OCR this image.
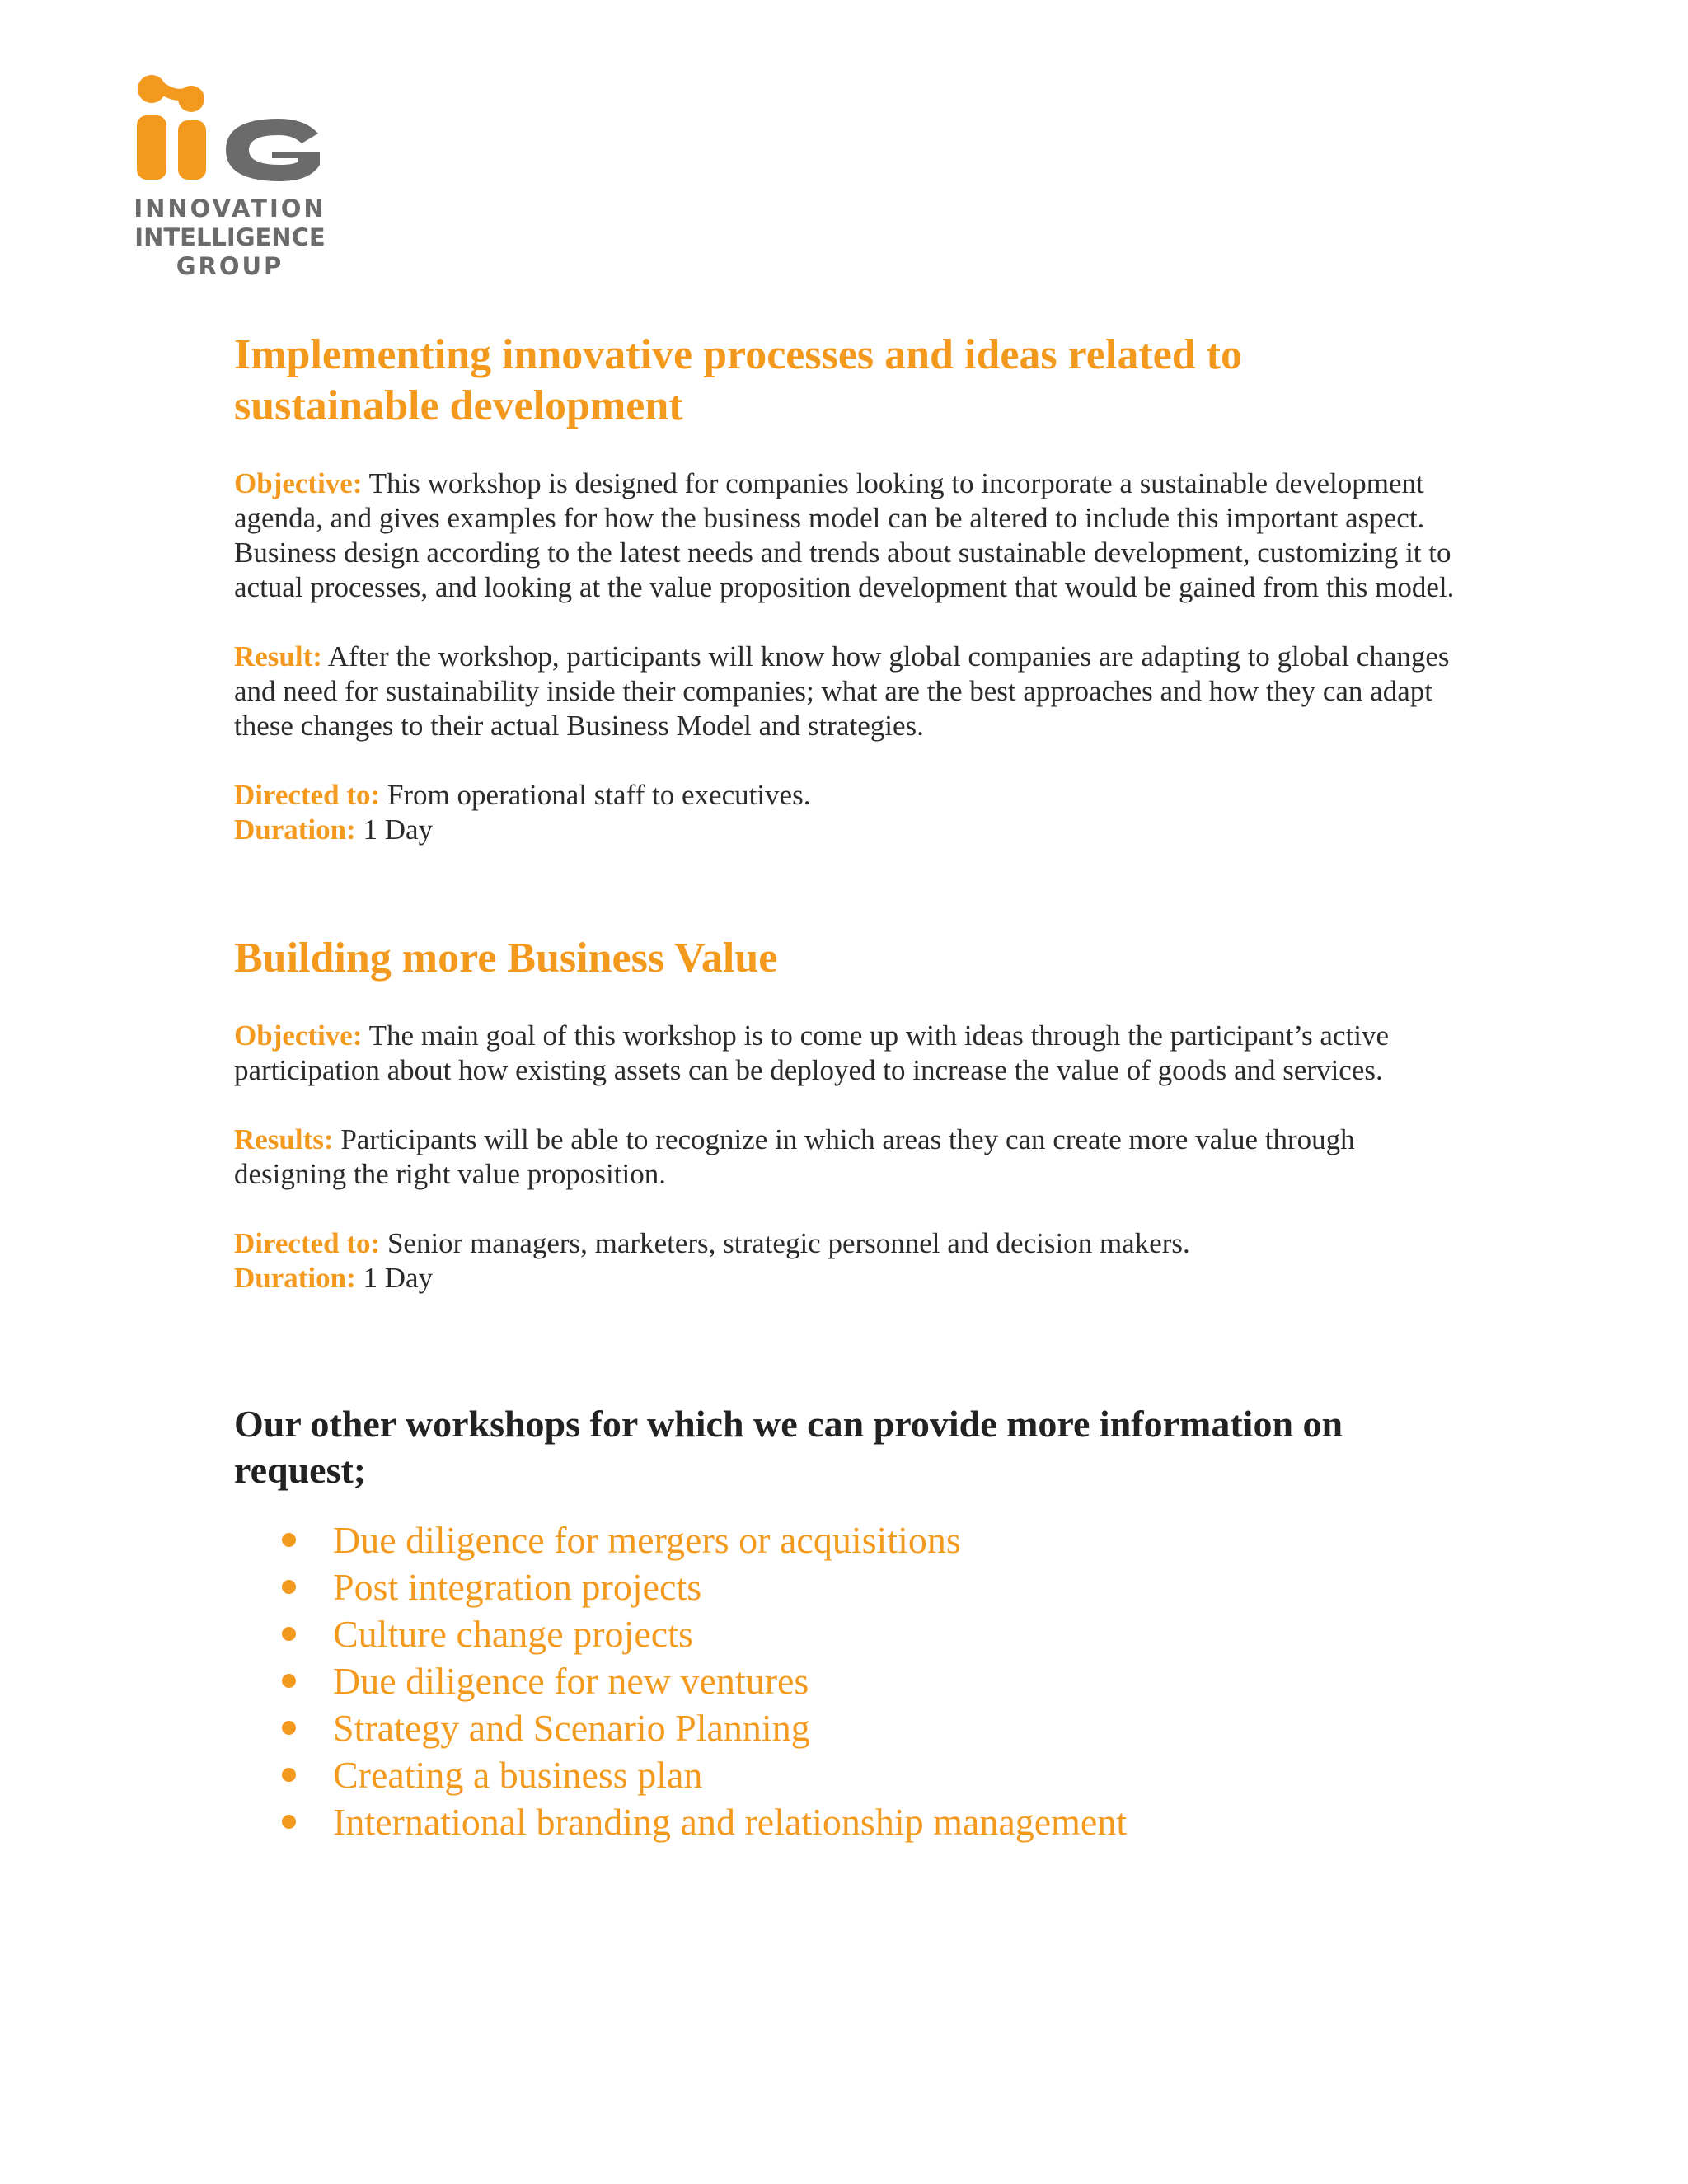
INNOVATION
INTELLIGENCE
GROUP
Implementing innovative processes and ideas related to
sustainable development

Objective: This workshop is designed for companies looking to incorporate a sustainable development agenda, and gives examples for how the business model can be altered to include this important aspect. Business design according to the latest needs and trends about sustainable development, customizing it to actual processes, and looking at the value proposition development that would be gained from this model.

Result: After the workshop, participants will know how global companies are adapting to global changes and need for sustainability inside their companies; what are the best approaches and how they can adapt these changes to their actual Business Model and strategies.

Directed to: From operational staff to executives.

Duration: 1 Day

Building more Business Value

Objective: The main goal of this workshop is to come up with ideas through the participant’s active participation about how existing assets can be deployed to increase the value of goods and services.

Results: Participants will be able to recognize in which areas they can create more value through designing the right value proposition.

Directed to: Senior managers, marketers, strategic personnel and decision makers.

Duration: 1 Day

Our other workshops for which we can provide more information on
request;
Due diligence for mergers or acquisitions
Post integration projects
Culture change projects
Due diligence for new ventures
Strategy and Scenario Planning
Creating a business plan
International branding and relationship management
